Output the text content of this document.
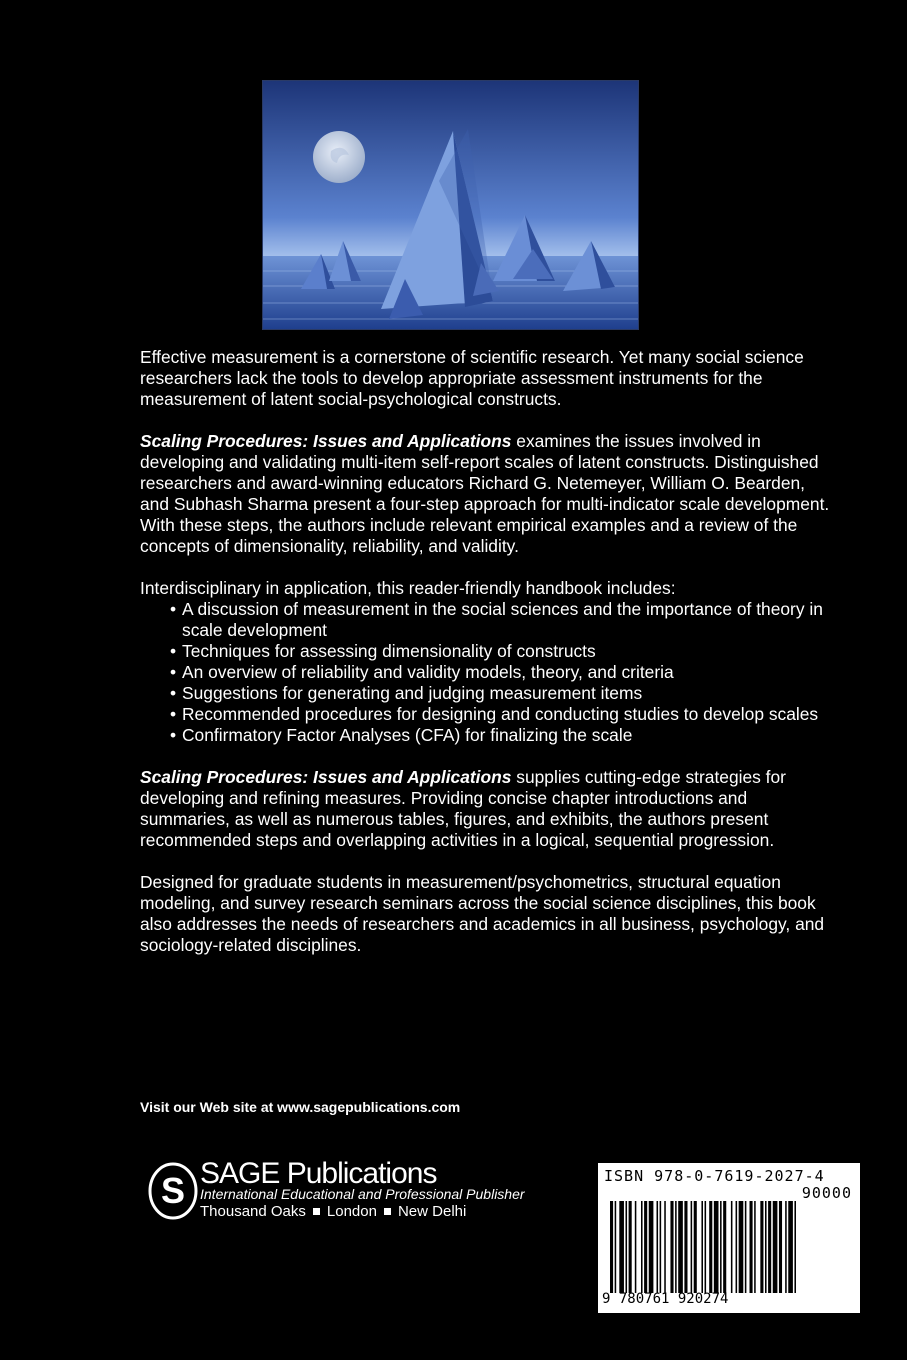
Effective measurement is a cornerstone of scientific research. Yet many social science researchers lack the tools to develop appropriate assessment instruments for the measurement of latent social-psychological constructs.

Scaling Procedures: Issues and Applications examines the issues involved in developing and validating multi-item self-report scales of latent constructs. Distinguished researchers and award-winning educators Richard G. Netemeyer, William O. Bearden, and Subhash Sharma present a four-step approach for multi-indicator scale development. With these steps, the authors include relevant empirical examples and a review of the concepts of dimensionality, reliability, and validity.

Interdisciplinary in application, this reader-friendly handbook includes:
• A discussion of measurement in the social sciences and the importance of theory in scale development
• Techniques for assessing dimensionality of constructs
• An overview of reliability and validity models, theory, and criteria
• Suggestions for generating and judging measurement items
• Recommended procedures for designing and conducting studies to develop scales
• Confirmatory Factor Analyses (CFA) for finalizing the scale

Scaling Procedures: Issues and Applications supplies cutting-edge strategies for developing and refining measures. Providing concise chapter introductions and summaries, as well as numerous tables, figures, and exhibits, the authors present recommended steps and overlapping activities in a logical, sequential progression.

Designed for graduate students in measurement/psychometrics, structural equation modeling, and survey research seminars across the social science disciplines, this book also addresses the needs of researchers and academics in all business, psychology, and sociology-related disciplines.

Visit our Web site at www.sagepublications.com
S SAGE Publications
International Educational and Professional Publisher
Thousand Oaks London New Delhi
ISBN 978-0-7619-2027-4
90000
9 780761 920274
